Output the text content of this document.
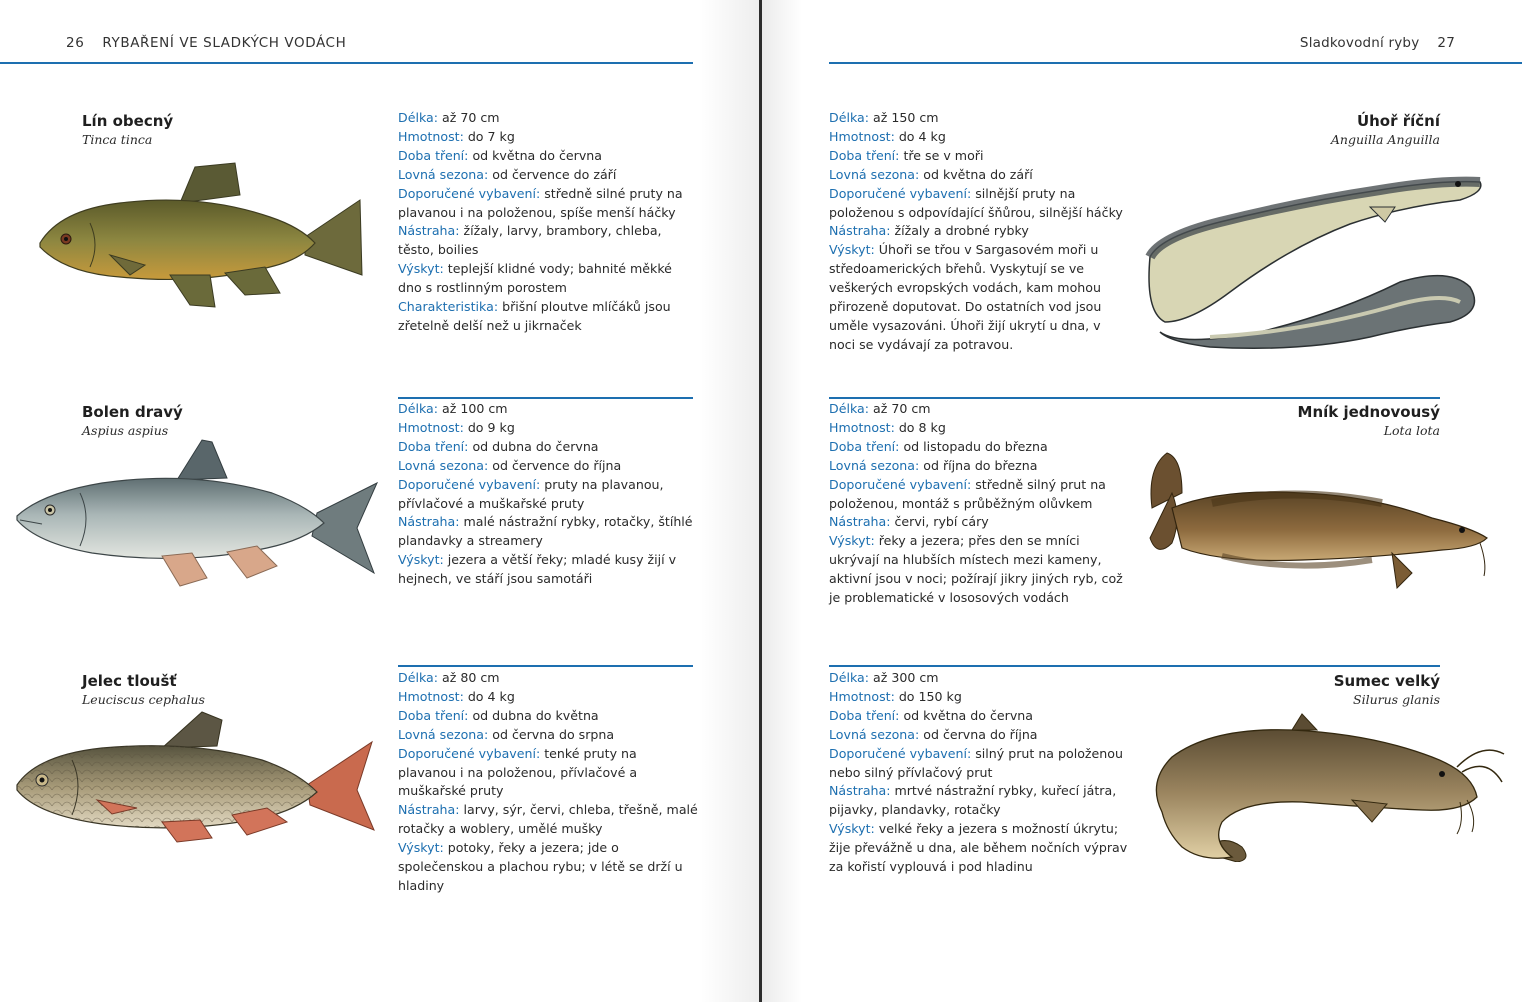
26 RYBAŘENÍ VE SLADKÝCH VODÁCH	Sladkovodní ryby 27
Lín obecný
Tinca tinca
Délka: až 70 cm
Hmotnost: do 7 kg
Doba tření: od května do června
Lovná sezona: od července do září
Doporučené vybavení: středně silné pruty na plavanou i na položenou, spíše menší háčky
Nástraha: žížaly, larvy, brambory, chleba, těsto, boilies
Výskyt: teplejší klidné vody; bahnité měkké dno s rostlinným porostem
Charakteristika: břišní ploutve mlíčáků jsou zřetelně delší než u jikrnaček
Bolen dravý
Aspius aspius
Délka: až 100 cm
Hmotnost: do 9 kg
Doba tření: od dubna do června
Lovná sezona: od července do října
Doporučené vybavení: pruty na plavanou, přívlačové a muškařské pruty
Nástraha: malé nástražní rybky, rotačky, štíhlé plandavky a streamery
Výskyt: jezera a větší řeky; mladé kusy žijí v hejnech, ve stáří jsou samotáři
Jelec tloušť
Leuciscus cephalus
Délka: až 80 cm
Hmotnost: do 4 kg
Doba tření: od dubna do května
Lovná sezona: od června do srpna
Doporučené vybavení: tenké pruty na plavanou i na položenou, přívlačové a muškařské pruty
Nástraha: larvy, sýr, červi, chleba, třešně, malé rotačky a woblery, umělé mušky
Výskyt: potoky, řeky a jezera; jde o společenskou a plachou rybu; v létě se drží u hladiny
Úhoř říční
Anguilla Anguilla
Délka: až 150 cm
Hmotnost: do 4 kg
Doba tření: tře se v moři
Lovná sezona: od května do září
Doporučené vybavení: silnější pruty na položenou s odpovídající šňůrou, silnější háčky
Nástraha: žížaly a drobné rybky
Výskyt: Úhoři se třou v Sargasovém moři u středoamerických břehů. Vyskytují se ve veškerých evropských vodách, kam mohou přirozeně doputovat. Do ostatních vod jsou uměle vysazováni. Úhoři žijí ukrytí u dna, v noci se vydávají za potravou.
Mník jednovousý
Lota lota
Délka: až 70 cm
Hmotnost: do 8 kg
Doba tření: od listopadu do března
Lovná sezona: od října do března
Doporučené vybavení: středně silný prut na položenou, montáž s průběžným olůvkem
Nástraha: červi, rybí cáry
Výskyt: řeky a jezera; přes den se mníci ukrývají na hlubších místech mezi kameny, aktivní jsou v noci; požírají jikry jiných ryb, což je problematické v lososových vodách
Sumec velký
Silurus glanis
Délka: až 300 cm
Hmotnost: do 150 kg
Doba tření: od května do června
Lovná sezona: od června do října
Doporučené vybavení: silný prut na položenou nebo silný přívlačový prut
Nástraha: mrtvé nástražní rybky, kuřecí játra, pijavky, plandavky, rotačky
Výskyt: velké řeky a jezera s možností úkrytu; žije převážně u dna, ale během nočních výprav za kořistí vyplouvá i pod hladinu
